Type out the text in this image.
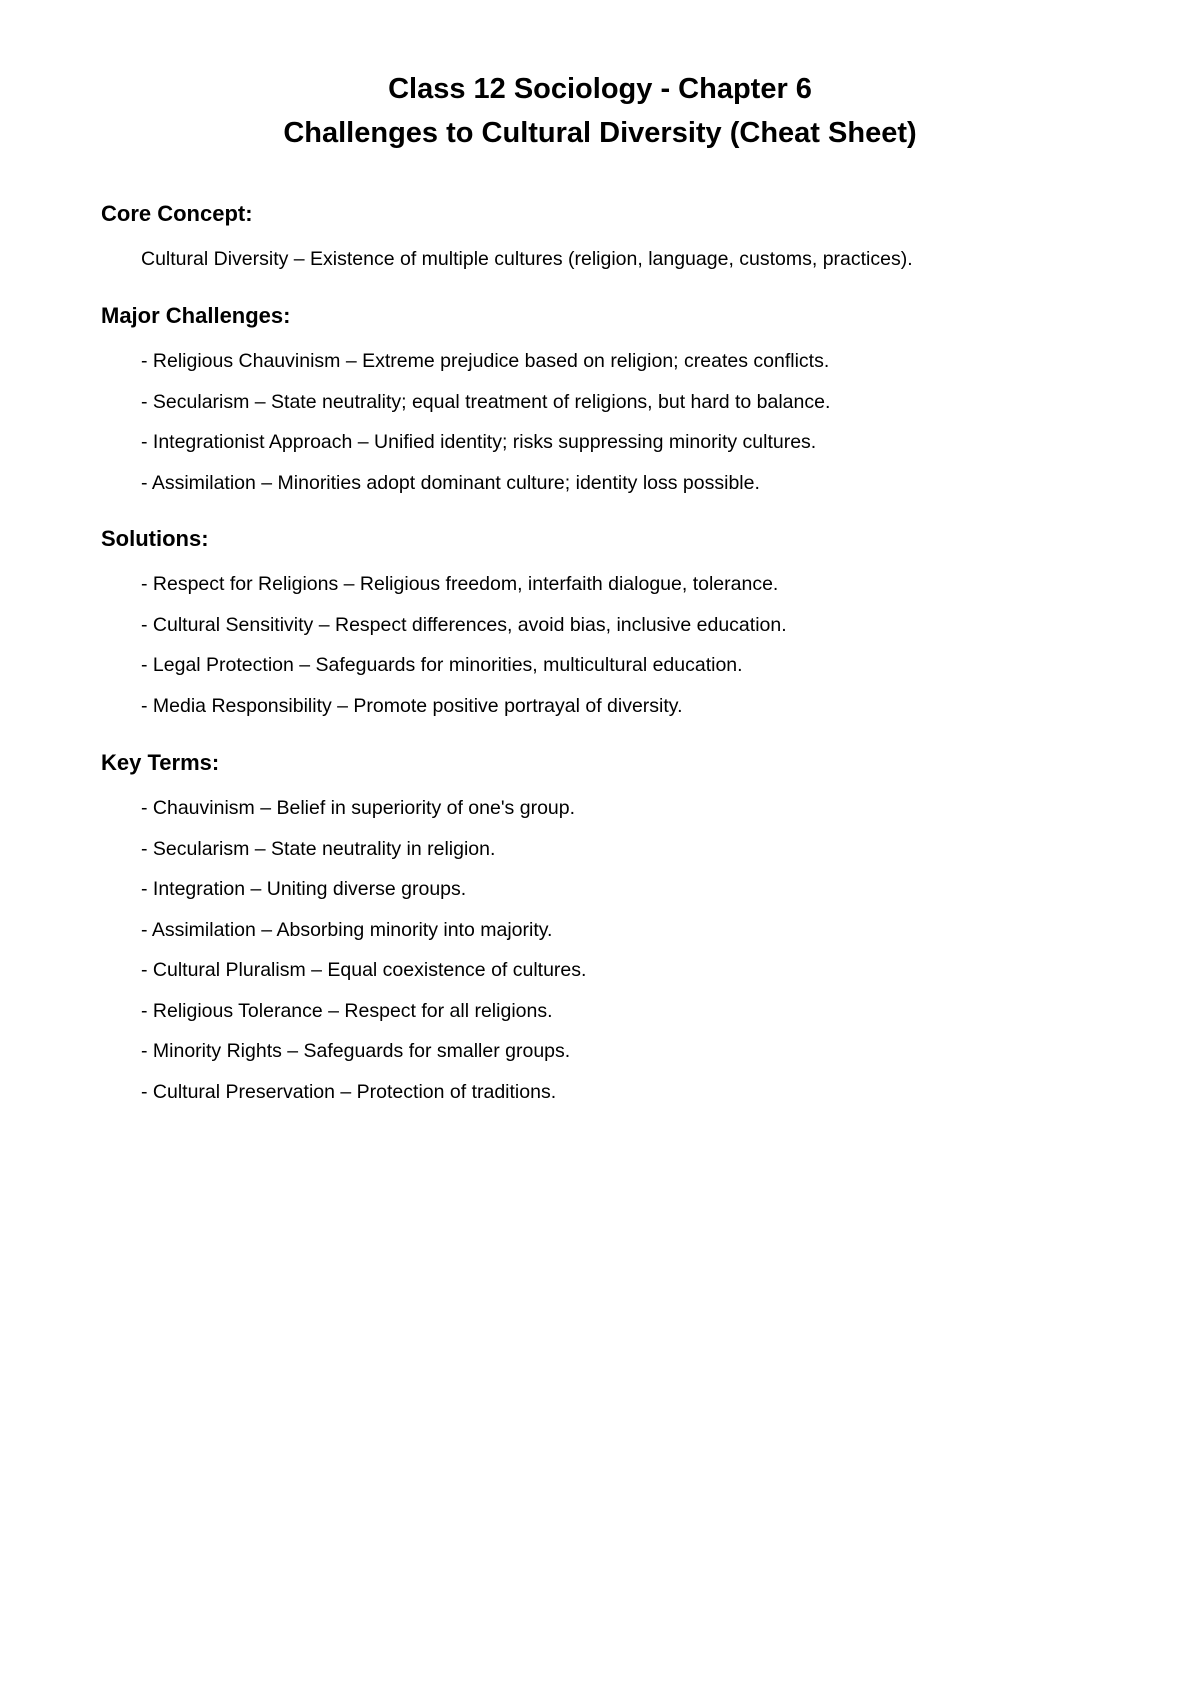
Class 12 Sociology - Chapter 6

Challenges to Cultural Diversity (Cheat Sheet)

Core Concept:

Cultural Diversity – Existence of multiple cultures (religion, language, customs, practices).

Major Challenges:

- Religious Chauvinism – Extreme prejudice based on religion; creates conflicts.

- Secularism – State neutrality; equal treatment of religions, but hard to balance.

- Integrationist Approach – Unified identity; risks suppressing minority cultures.

- Assimilation – Minorities adopt dominant culture; identity loss possible.

Solutions:

- Respect for Religions – Religious freedom, interfaith dialogue, tolerance.

- Cultural Sensitivity – Respect differences, avoid bias, inclusive education.

- Legal Protection – Safeguards for minorities, multicultural education.

- Media Responsibility – Promote positive portrayal of diversity.

Key Terms:

- Chauvinism – Belief in superiority of one's group.

- Secularism – State neutrality in religion.

- Integration – Uniting diverse groups.

- Assimilation – Absorbing minority into majority.

- Cultural Pluralism – Equal coexistence of cultures.

- Religious Tolerance – Respect for all religions.

- Minority Rights – Safeguards for smaller groups.

- Cultural Preservation – Protection of traditions.
